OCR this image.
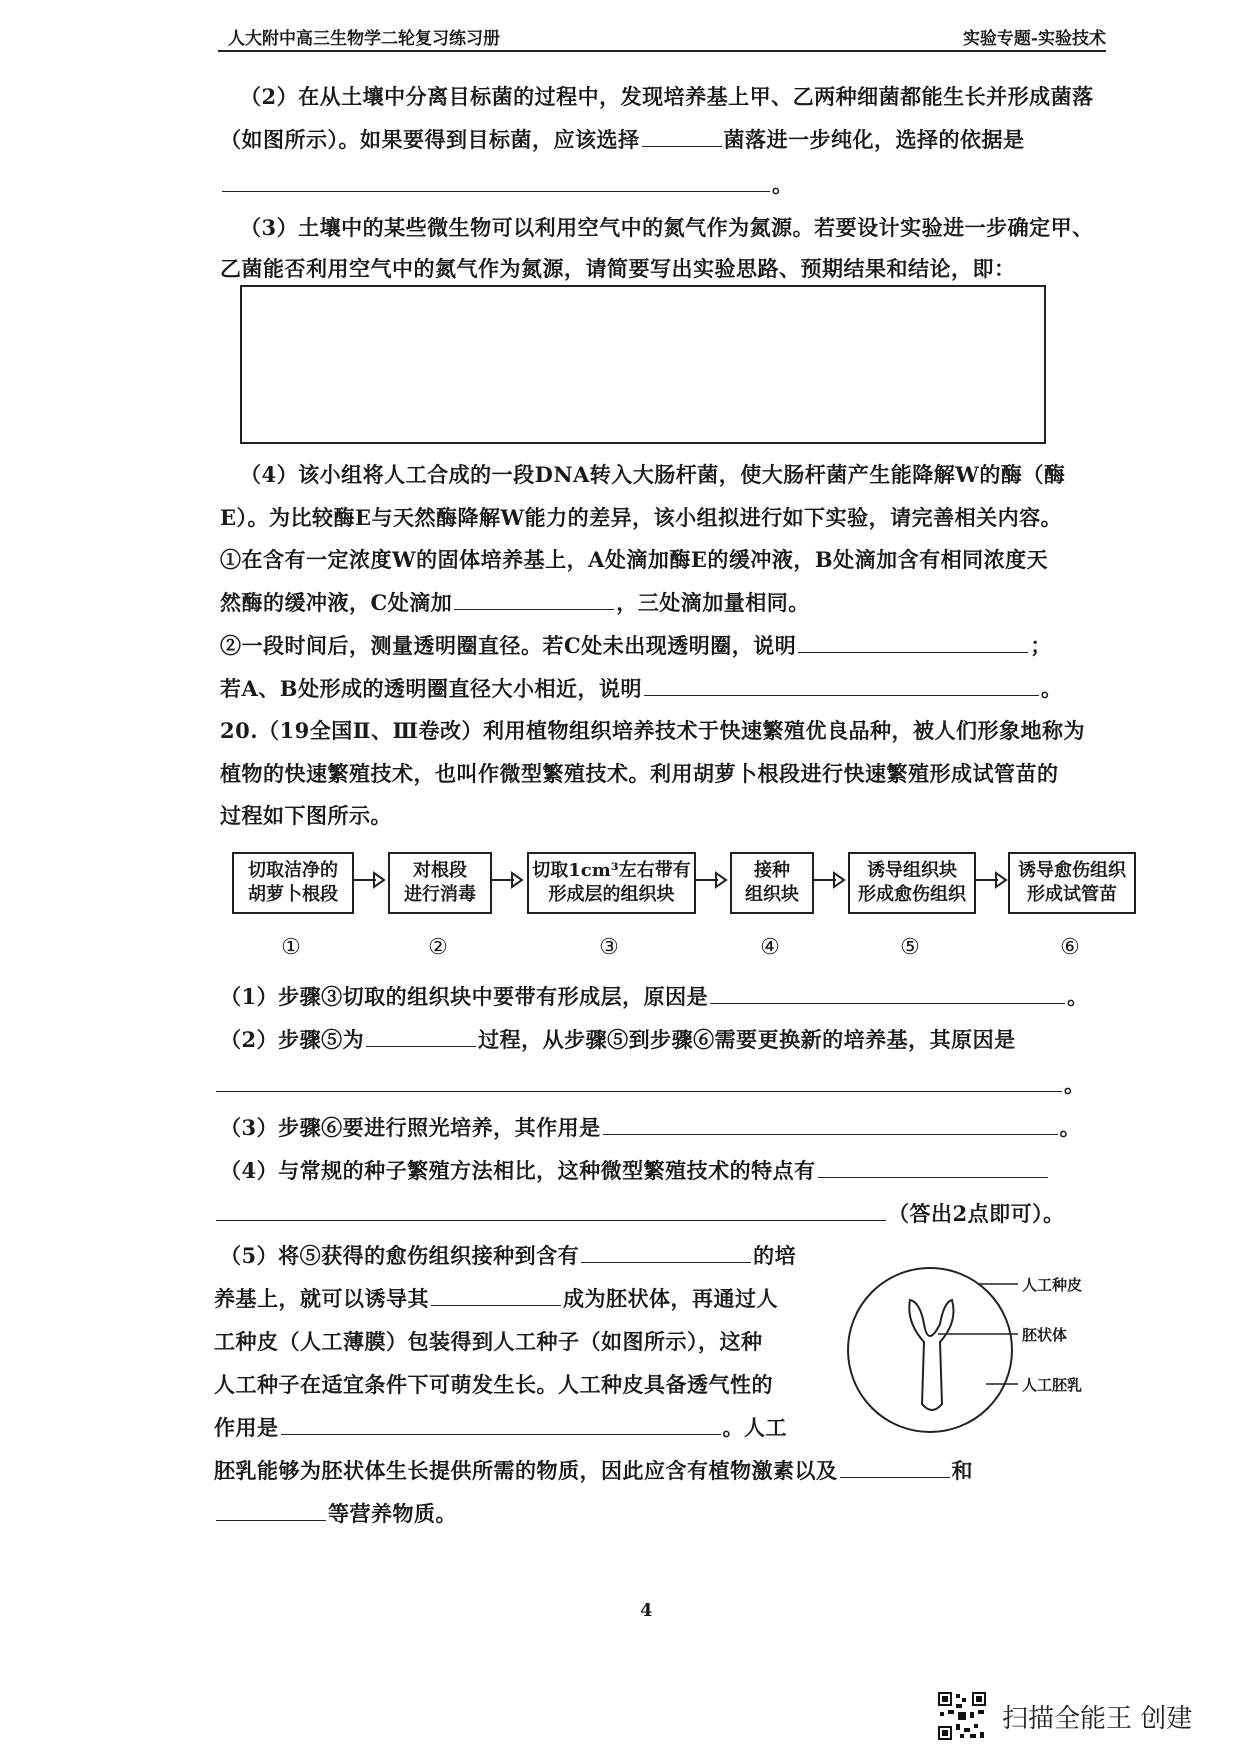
人大附中高三生物学二轮复习练习册	实验专题-实验技术
（2）在从土壤中分离目标菌的过程中，发现培养基上甲、乙两种细菌都能生长并形成菌落
（如图所示）。如果要得到目标菌，应该选择	菌落进一步纯化，选择的依据是
。
（3）土壤中的某些微生物可以利用空气中的氮气作为氮源。若要设计实验进一步确定甲、
乙菌能否利用空气中的氮气作为氮源，请简要写出实验思路、预期结果和结论，即：
（4）该小组将人工合成的一段DNA转入大肠杆菌，使大肠杆菌产生能降解W的酶（酶
E）。为比较酶E与天然酶降解W能力的差异，该小组拟进行如下实验，请完善相关内容。
①在含有一定浓度W的固体培养基上，A处滴加酶E的缓冲液，B处滴加含有相同浓度天
然酶的缓冲液，C处滴加	，三处滴加量相同。
②一段时间后，测量透明圈直径。若C处未出现透明圈，说明	；
若A、B处形成的透明圈直径大小相近，说明	。
20.（19全国Ⅱ、Ⅲ卷改）利用植物组织培养技术于快速繁殖优良品种，被人们形象地称为
植物的快速繁殖技术，也叫作微型繁殖技术。利用胡萝卜根段进行快速繁殖形成试管苗的
过程如下图所示。
切取洁净的
胡萝卜根段
对根段
进行消毒
切取1cm³左右带有
形成层的组织块
接种
组织块
诱导组织块
形成愈伤组织
诱导愈伤组织
形成试管苗
①	②	③	④	⑤	⑥
（1）步骤③切取的组织块中要带有形成层，原因是	。
（2）步骤⑤为	过程，从步骤⑤到步骤⑥需要更换新的培养基，其原因是
。
（3）步骤⑥要进行照光培养，其作用是	。
（4）与常规的种子繁殖方法相比，这种微型繁殖技术的特点有
（答出2点即可）。
（5）将⑤获得的愈伤组织接种到含有	的培
养基上，就可以诱导其	成为胚状体，再通过人
工种皮（人工薄膜）包装得到人工种子（如图所示），这种
人工种子在适宜条件下可萌发生长。人工种皮具备透气性的
作用是	。人工
胚乳能够为胚状体生长提供所需的物质，因此应含有植物激素以及	和
等营养物质。
人工种皮
胚状体
人工胚乳
4
扫描全能王 创建
